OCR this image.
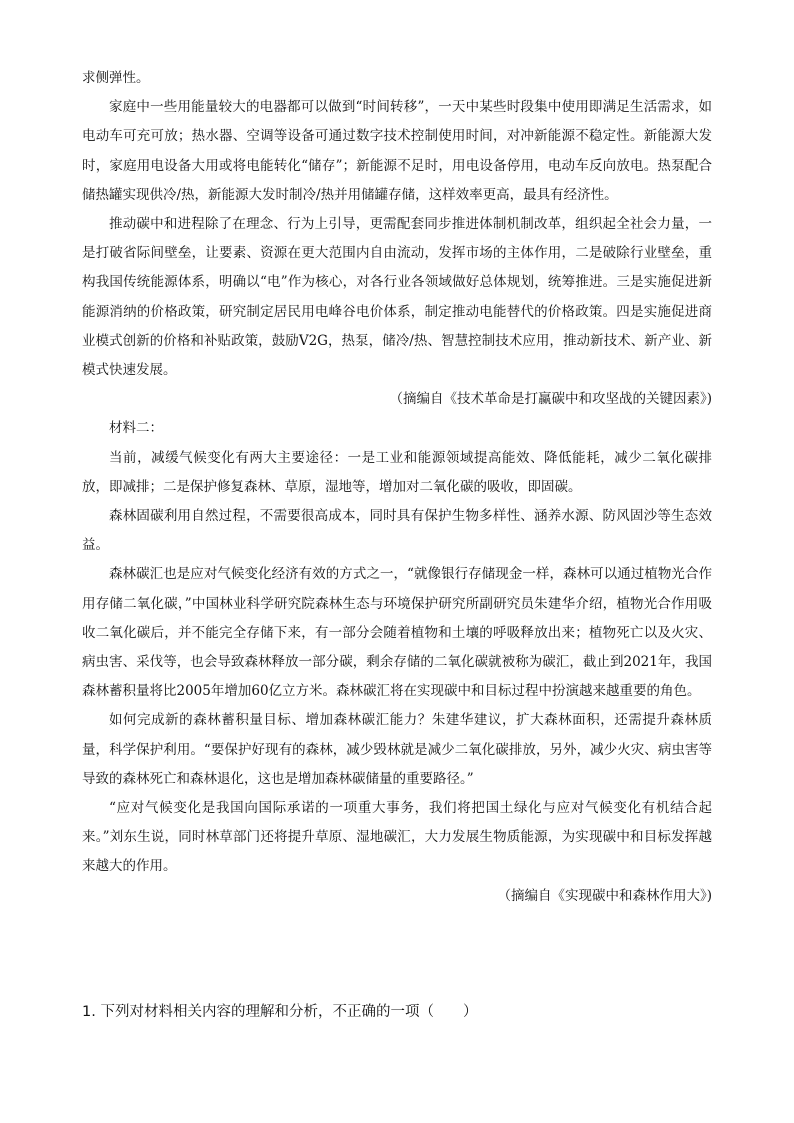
求侧弹性。

家庭中一些用能量较大的电器都可以做到“时间转移”，一天中某些时段集中使用即满足生活需求，如电动车可充可放；热水器、空调等设备可通过数字技术控制使用时间，对冲新能源不稳定性。新能源大发时，家庭用电设备大用或将电能转化“储存”；新能源不足时，用电设备停用，电动车反向放电。热泵配合储热罐实现供冷/热，新能源大发时制冷/热并用储罐存储，这样效率更高，最具有经济性。

推动碳中和进程除了在理念、行为上引导，更需配套同步推进体制机制改革，组织起全社会力量，一是打破省际间壁垒，让要素、资源在更大范围内自由流动，发挥市场的主体作用，二是破除行业壁垒，重构我国传统能源体系，明确以“电”作为核心，对各行业各领域做好总体规划，统筹推进。三是实施促进新能源消纳的价格政策，研究制定居民用电峰谷电价体系，制定推动电能替代的价格政策。四是实施促进商业模式创新的价格和补贴政策，鼓励V2G，热泵，储冷/热、智慧控制技术应用，推动新技术、新产业、新模式快速发展。

（摘编自《技术革命是打赢碳中和攻坚战的关键因素》)

材料二：

当前，减缓气候变化有两大主要途径：一是工业和能源领域提高能效、降低能耗，减少二氧化碳排放，即减排；二是保护修复森林、草原，湿地等，增加对二氧化碳的吸收，即固碳。

森林固碳利用自然过程，不需要很高成本，同时具有保护生物多样性、涵养水源、防风固沙等生态效益。

森林碳汇也是应对气候变化经济有效的方式之一，“就像银行存储现金一样，森林可以通过植物光合作用存储二氧化碳，”中国林业科学研究院森林生态与环境保护研究所副研究员朱建华介绍，植物光合作用吸收二氧化碳后，并不能完全存储下来，有一部分会随着植物和土壤的呼吸释放出来；植物死亡以及火灾、病虫害、采伐等，也会导致森林释放一部分碳，剩余存储的二氧化碳就被称为碳汇，截止到2021年，我国森林蓄积量将比2005年增加60亿立方米。森林碳汇将在实现碳中和目标过程中扮演越来越重要的角色。

如何完成新的森林蓄积量目标、增加森林碳汇能力？朱建华建议，扩大森林面积，还需提升森林质量，科学保护利用。“要保护好现有的森林，减少毁林就是减少二氧化碳排放，另外，减少火灾、病虫害等导致的森林死亡和森林退化，这也是增加森林碳储量的重要路径。”

“应对气候变化是我国向国际承诺的一项重大事务，我们将把国土绿化与应对气候变化有机结合起来。”刘东生说，同时林草部门还将提升草原、湿地碳汇，大力发展生物质能源，为实现碳中和目标发挥越来越大的作用。

（摘编自《实现碳中和森林作用大》)

1. 下列对材料相关内容的理解和分析，不正确的一项（　　）
